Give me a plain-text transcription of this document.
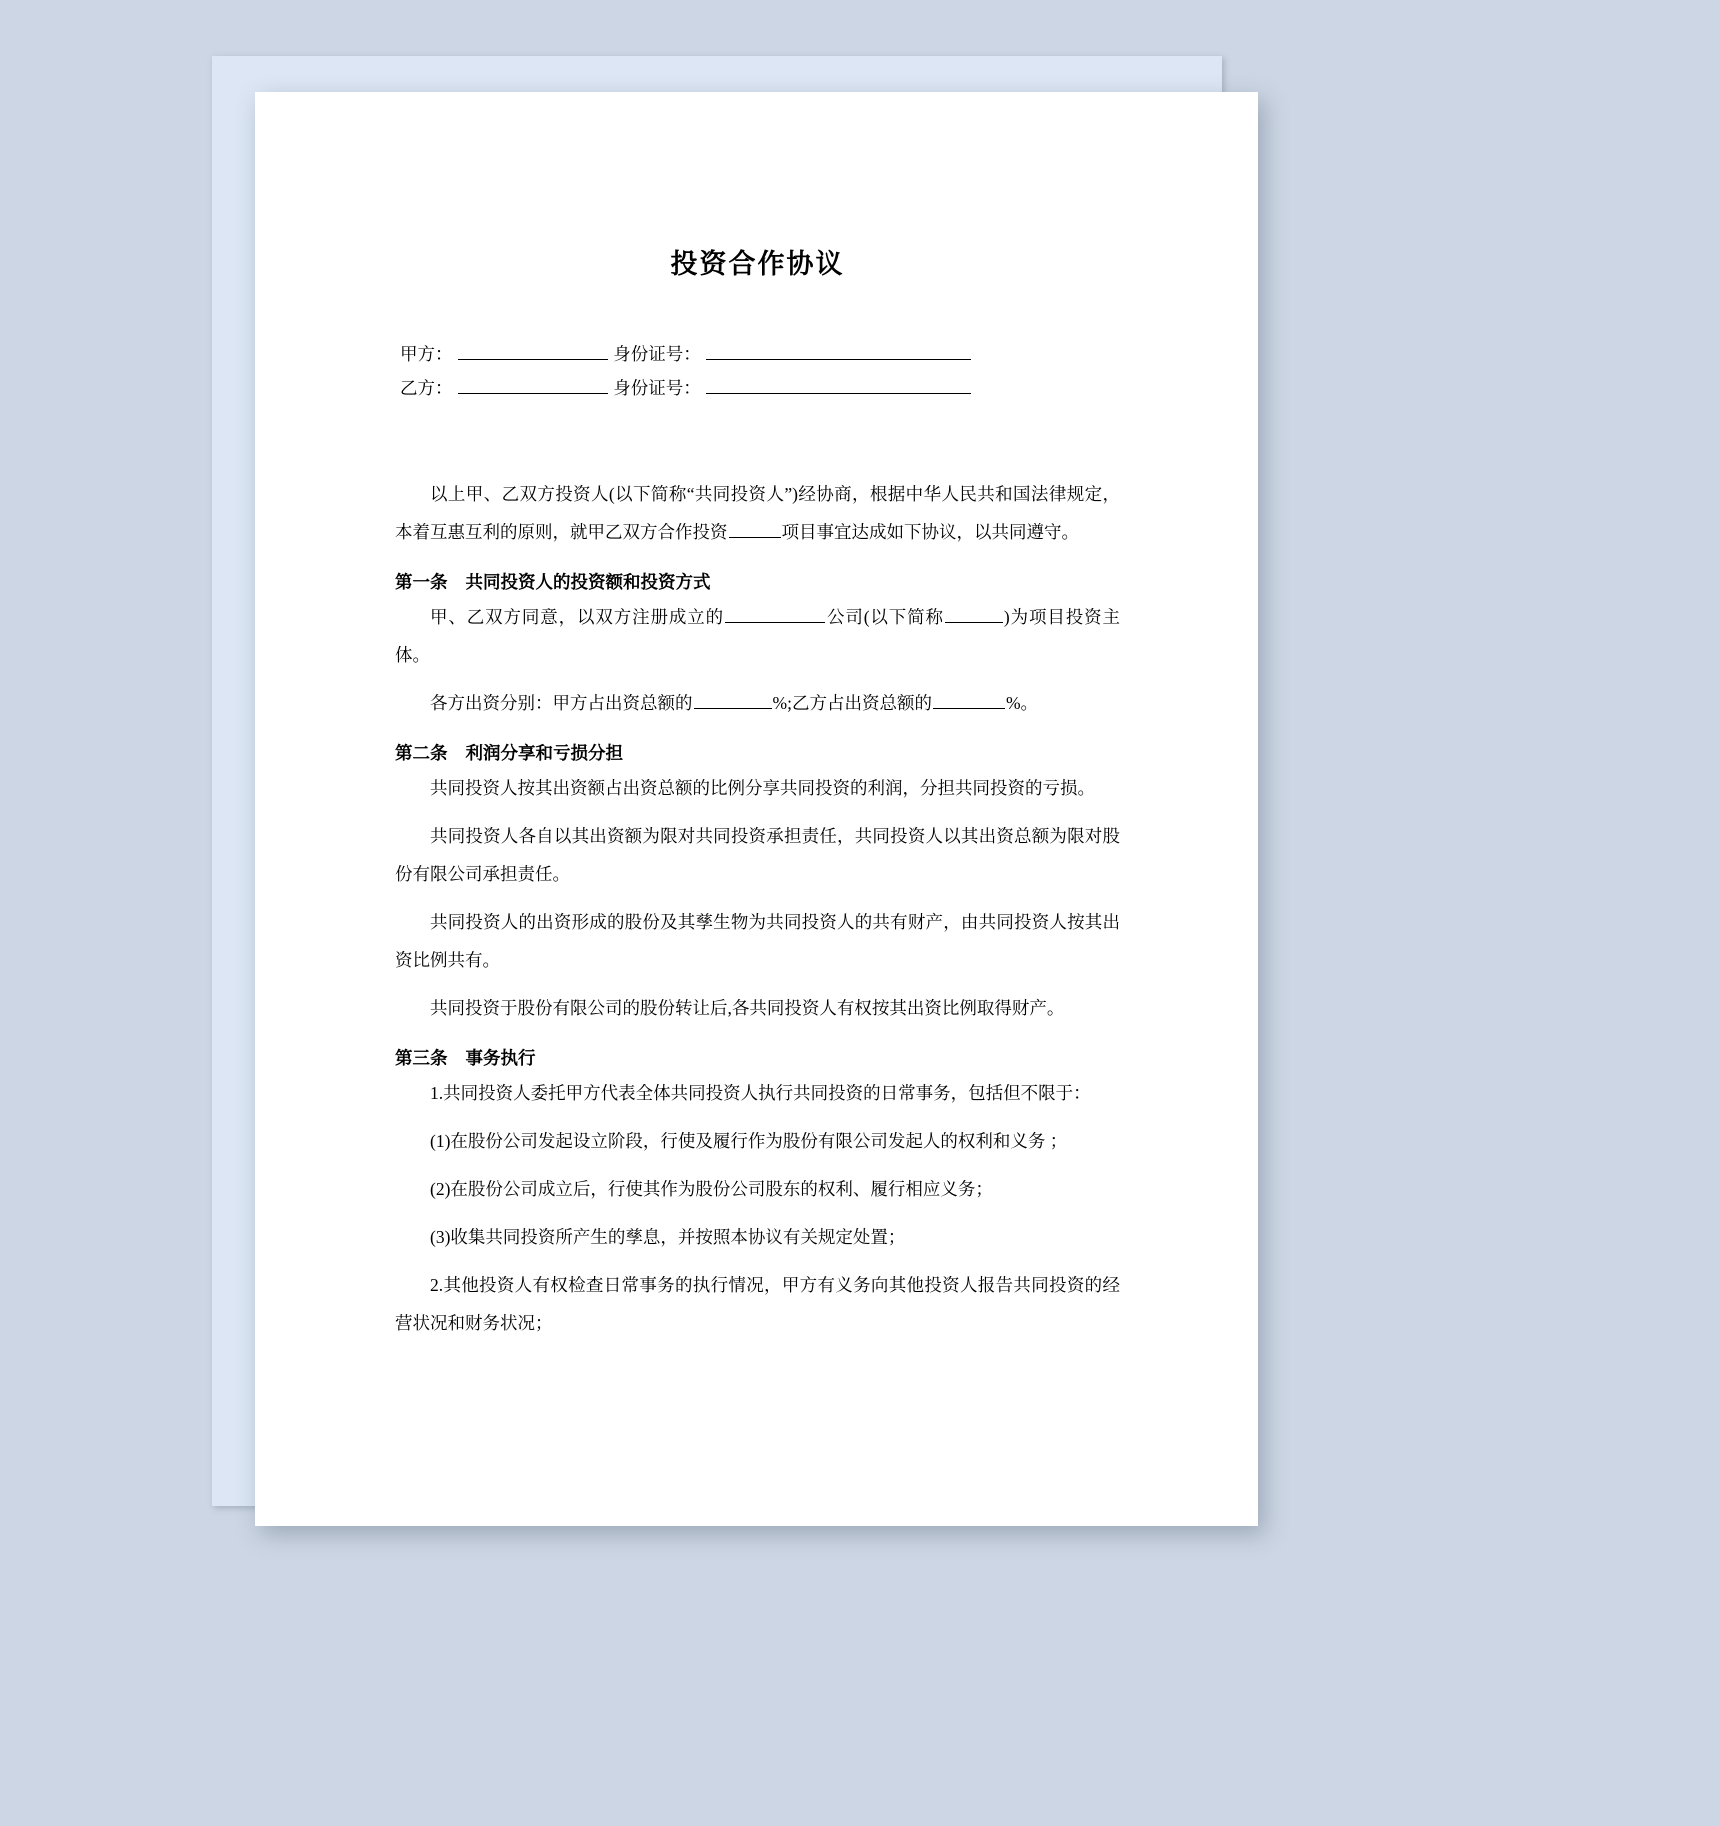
投资合作协议
甲方：	身份证号：
乙方：	身份证号：

以上甲、乙双方投资人(以下简称“共同投资人”)经协商，根据中华人民共和国法律规定，本着互惠互利的原则，就甲乙双方合作投资	项目事宜达成如下协议，以共同遵守。

第一条 共同投资人的投资额和投资方式

甲、乙双方同意，以双方注册成立的	公司(以下简称	)为项目投资主体。

各方出资分别：甲方占出资总额的	%;乙方占出资总额的	%。

第二条 利润分享和亏损分担

共同投资人按其出资额占出资总额的比例分享共同投资的利润，分担共同投资的亏损。

共同投资人各自以其出资额为限对共同投资承担责任，共同投资人以其出资总额为限对股份有限公司承担责任。

共同投资人的出资形成的股份及其孳生物为共同投资人的共有财产，由共同投资人按其出资比例共有。

共同投资于股份有限公司的股份转让后,各共同投资人有权按其出资比例取得财产。

第三条 事务执行

1.共同投资人委托甲方代表全体共同投资人执行共同投资的日常事务，包括但不限于：

(1)在股份公司发起设立阶段，行使及履行作为股份有限公司发起人的权利和义务 ；

(2)在股份公司成立后，行使其作为股份公司股东的权利、履行相应义务；

(3)收集共同投资所产生的孳息，并按照本协议有关规定处置；

2.其他投资人有权检查日常事务的执行情况，甲方有义务向其他投资人报告共同投资的经营状况和财务状况；
